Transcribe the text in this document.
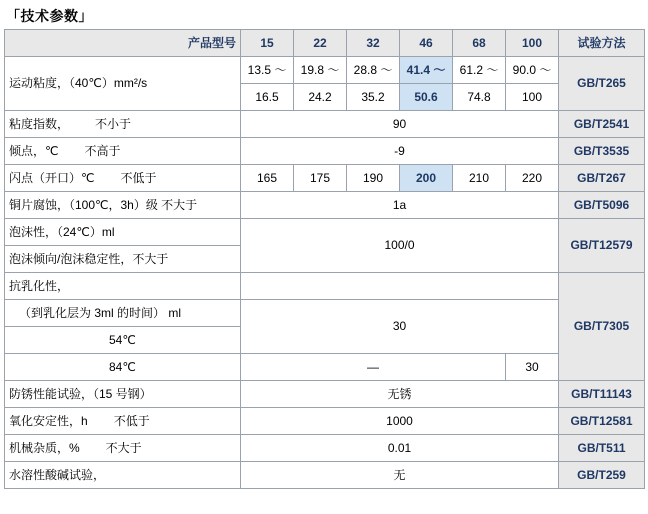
「技术参数」
产品型号	15	22	32	46	68	100	试验方法
运动粘度，（40℃）mm²/s	13.5 ～	19.8 ～	28.8 ～	41.4 ～	61.2 ～	90.0 ～	GB/T265
	16.5	24.2	35.2	50.6	74.8	100	
粘度指数， 不小于	90						GB/T2541
倾点，℃ 不高于	-9						GB/T3535
闪点（开口）℃ 不低于	165	175	190	200	210	220	GB/T267
铜片腐蚀，（100℃，3h）级 不大于	1a						GB/T5096
泡沫性，（24℃）ml	100/0						GB/T12579
泡沫倾向/泡沫稳定性，不大于							
抗乳化性，							GB/T7305
（到乳化层为 3ml 的时间） ml	30						
54℃							
84℃	—					30	
防锈性能试验，（15 号钢）	无锈						GB/T11143
氧化安定性，h 不低于	1000						GB/T12581
机械杂质，% 不大于	0.01						GB/T511
水溶性酸碱试验，	无						GB/T259
